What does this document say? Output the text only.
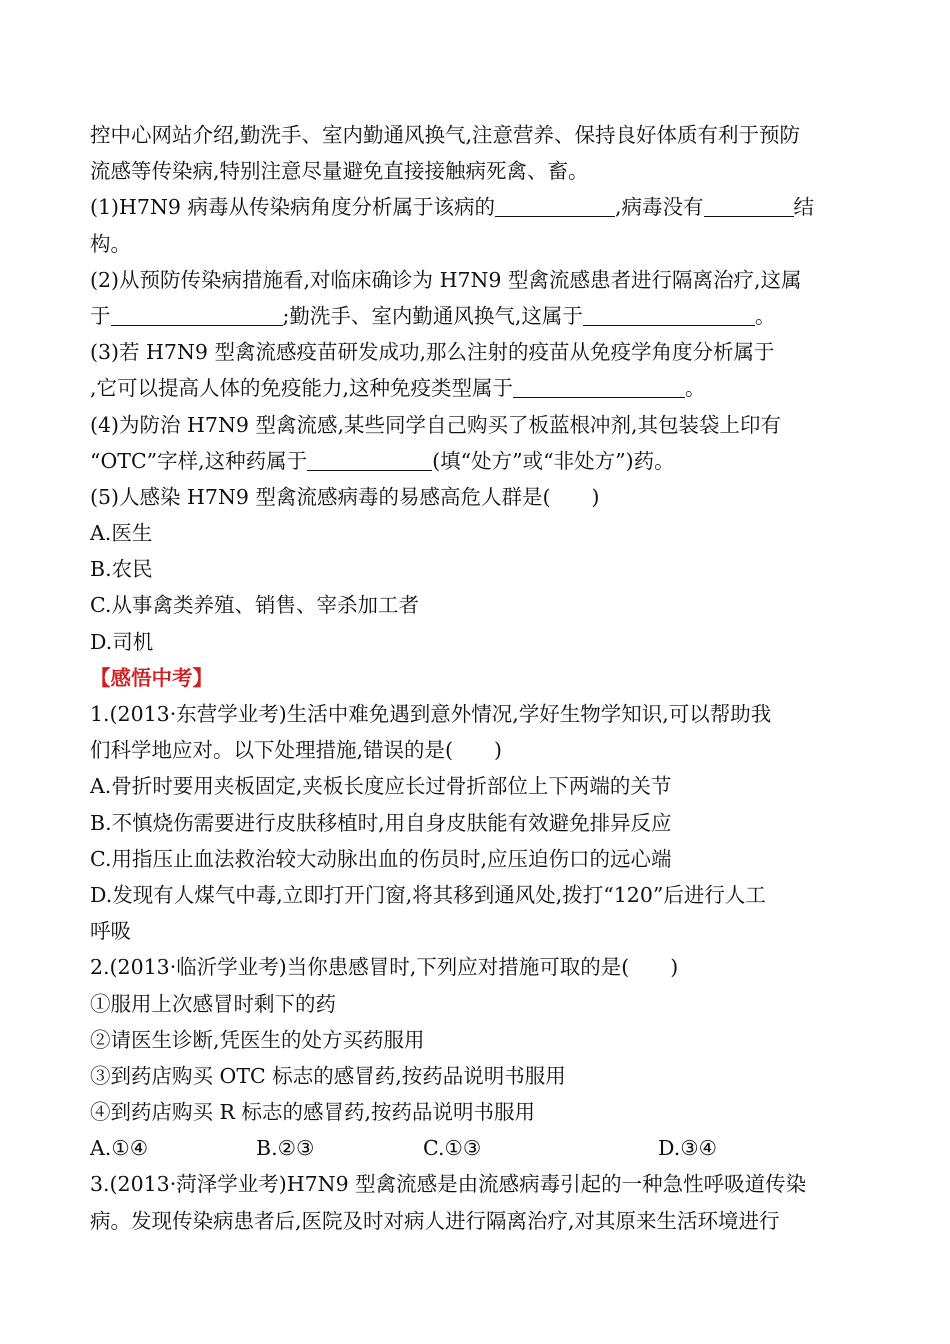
控中心网站介绍,勤洗手、室内勤通风换气,注意营养、保持良好体质有利于预防
流感等传染病,特别注意尽量避免直接接触病死禽、畜。
(1)H7N9 病毒从传染病角度分析属于该病的	,病毒没有	结
构。
(2)从预防传染病措施看,对临床确诊为 H7N9 型禽流感患者进行隔离治疗,这属
于	;勤洗手、室内勤通风换气,这属于	。
(3)若 H7N9 型禽流感疫苗研发成功,那么注射的疫苗从免疫学角度分析属于
,它可以提高人体的免疫能力,这种免疫类型属于	。
(4)为防治 H7N9 型禽流感,某些同学自己购买了板蓝根冲剂,其包装袋上印有
“OTC”字样,这种药属于	(填“处方”或“非处方”)药。
(5)人感染 H7N9 型禽流感病毒的易感高危人群是(　　)
A.医生
B.农民
C.从事禽类养殖、销售、宰杀加工者
D.司机
【感悟中考】
1.(2013·东营学业考)生活中难免遇到意外情况,学好生物学知识,可以帮助我
们科学地应对。以下处理措施,错误的是(　　)
A.骨折时要用夹板固定,夹板长度应长过骨折部位上下两端的关节
B.不慎烧伤需要进行皮肤移植时,用自身皮肤能有效避免排异反应
C.用指压止血法救治较大动脉出血的伤员时,应压迫伤口的远心端
D.发现有人煤气中毒,立即打开门窗,将其移到通风处,拨打“120”后进行人工
呼吸
2.(2013·临沂学业考)当你患感冒时,下列应对措施可取的是(　　)
①服用上次感冒时剩下的药
②请医生诊断,凭医生的处方买药服用
③到药店购买 OTC 标志的感冒药,按药品说明书服用
④到药店购买 R 标志的感冒药,按药品说明书服用
A.①④	B.②③	C.①③	D.③④
3.(2013·菏泽学业考)H7N9 型禽流感是由流感病毒引起的一种急性呼吸道传染
病。发现传染病患者后,医院及时对病人进行隔离治疗,对其原来生活环境进行
